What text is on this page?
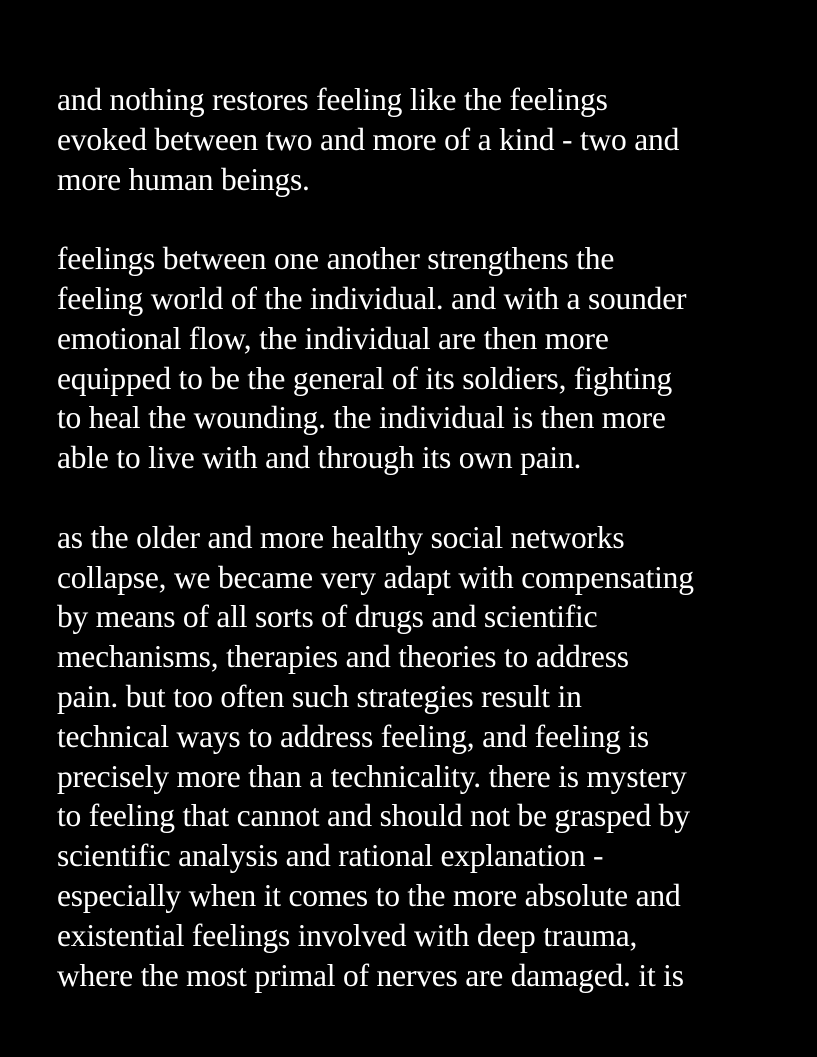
and nothing restores feeling like the feelings
evoked between two and more of a kind - two and
more human beings.
feelings between one another strengthens the
feeling world of the individual. and with a sounder
emotional flow, the individual are then more
equipped to be the general of its soldiers, fighting
to heal the wounding. the individual is then more
able to live with and through its own pain.
as the older and more healthy social networks
collapse, we became very adapt with compensating
by means of all sorts of drugs and scientific
mechanisms, therapies and theories to address
pain. but too often such strategies result in
technical ways to address feeling, and feeling is
precisely more than a technicality. there is mystery
to feeling that cannot and should not be grasped by
scientific analysis and rational explanation -
especially when it comes to the more absolute and
existential feelings involved with deep trauma,
where the most primal of nerves are damaged. it is
